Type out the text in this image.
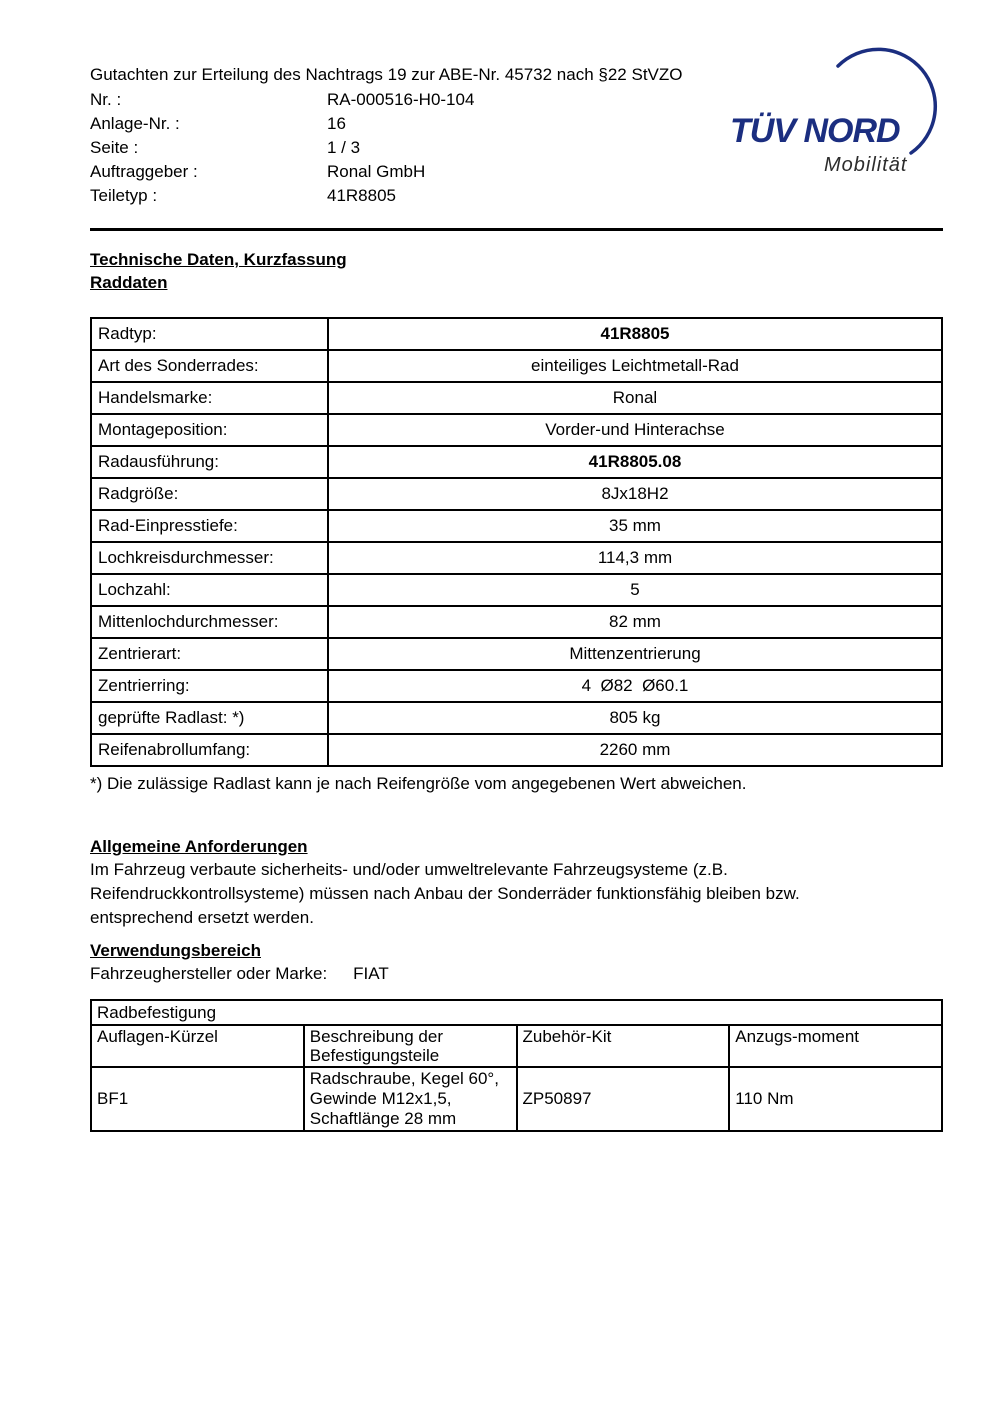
Gutachten zur Erteilung des Nachtrags 19 zur ABE-Nr. 45732 nach §22 StVZO
Nr. :	RA-000516-H0-104
Anlage-Nr. :	16
Seite :	1 / 3
Auftraggeber :	Ronal GmbH
Teiletyp :	41R8805
TÜV NORD
Mobilität
Technische Daten, Kurzfassung
Raddaten
Radtyp:	41R8805
Art des Sonderrades:	einteiliges Leichtmetall-Rad
Handelsmarke:	Ronal
Montageposition:	Vorder-und Hinterachse
Radausführung:	41R8805.08
Radgröße:	8Jx18H2
Rad-Einpresstiefe:	35 mm
Lochkreisdurchmesser:	114,3 mm
Lochzahl:	5
Mittenlochdurchmesser:	82 mm
Zentrierart:	Mittenzentrierung
Zentrierring:	4  Ø82  Ø60.1
geprüfte Radlast: *)	805 kg
Reifenabrollumfang:	2260 mm
*) Die zulässige Radlast kann je nach Reifengröße vom angegebenen Wert abweichen.
Allgemeine Anforderungen
Im Fahrzeug verbaute sicherheits- und/oder umweltrelevante Fahrzeugsysteme (z.B.
Reifendruckkontrollsysteme) müssen nach Anbau der Sonderräder funktionsfähig bleiben bzw.
entsprechend ersetzt werden.
Verwendungsbereich
Fahrzeughersteller oder Marke: FIAT
Radbefestigung			
Auflagen-Kürzel	Beschreibung der Befestigungsteile	Zubehör-Kit	Anzugs-moment
BF1	Radschraube, Kegel 60°, Gewinde M12x1,5, Schaftlänge 28 mm	ZP50897	110 Nm
